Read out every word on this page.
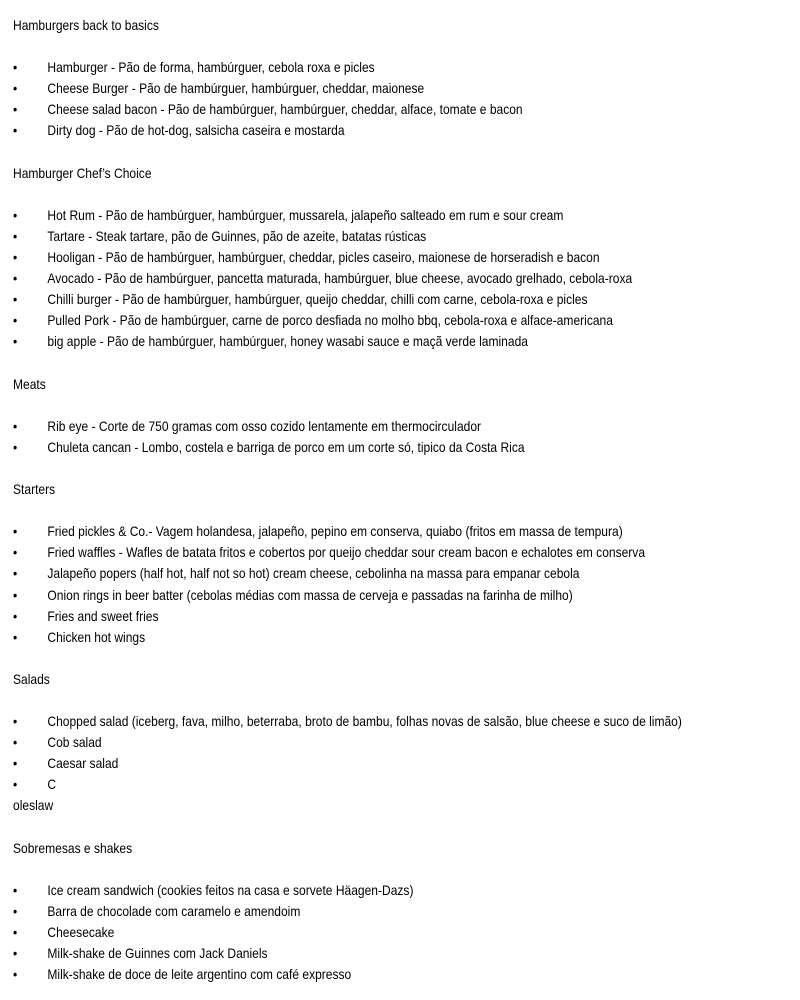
Hamburgers back to basics
•	Hamburger - Pão de forma, hambúrguer, cebola roxa e picles
•	Cheese Burger - Pão de hambúrguer, hambúrguer, cheddar, maionese
•	Cheese salad bacon - Pão de hambúrguer, hambúrguer, cheddar, alface, tomate e bacon
•	Dirty dog - Pão de hot-dog, salsicha caseira e mostarda
Hamburger Chef’s Choice
•	Hot Rum - Pão de hambúrguer, hambúrguer, mussarela, jalapeño salteado em rum e sour cream
•	Tartare - Steak tartare, pão de Guinnes, pão de azeite, batatas rústicas
•	Hooligan - Pão de hambúrguer, hambúrguer, cheddar, picles caseiro, maionese de horseradish e bacon
•	Avocado - Pão de hambúrguer, pancetta maturada, hambúrguer, blue cheese, avocado grelhado, cebola-roxa
•	Chilli burger - Pão de hambúrguer, hambúrguer, queijo cheddar, chilli com carne, cebola-roxa e picles
•	Pulled Pork - Pão de hambúrguer, carne de porco desfiada no molho bbq, cebola-roxa e alface-americana
•	big apple - Pão de hambúrguer, hambúrguer, honey wasabi sauce e maçã verde laminada
Meats
•	Rib eye - Corte de 750 gramas com osso cozido lentamente em thermocirculador
•	Chuleta cancan - Lombo, costela e barriga de porco em um corte só, tipico da Costa Rica
Starters
•	Fried pickles & Co.- Vagem holandesa, jalapeño, pepino em conserva, quiabo (fritos em massa de tempura)
•	Fried waffles - Wafles de batata fritos e cobertos por queijo cheddar sour cream bacon e echalotes em conserva
•	Jalapeño popers (half hot, half not so hot) cream cheese, cebolinha na massa para empanar cebola
•	Onion rings in beer batter (cebolas médias com massa de cerveja e passadas na farinha de milho)
•	Fries and sweet fries
•	Chicken hot wings
Salads
•	Chopped salad (iceberg, fava, milho, beterraba, broto de bambu, folhas novas de salsão, blue cheese e suco de limão)
•	Cob salad
•	Caesar salad
•	C
oleslaw
Sobremesas e shakes
•	Ice cream sandwich (cookies feitos na casa e sorvete Häagen-Dazs)
•	Barra de chocolade com caramelo e amendoim
•	Cheesecake
•	Milk-shake de Guinnes com Jack Daniels
•	Milk-shake de doce de leite argentino com café expresso
